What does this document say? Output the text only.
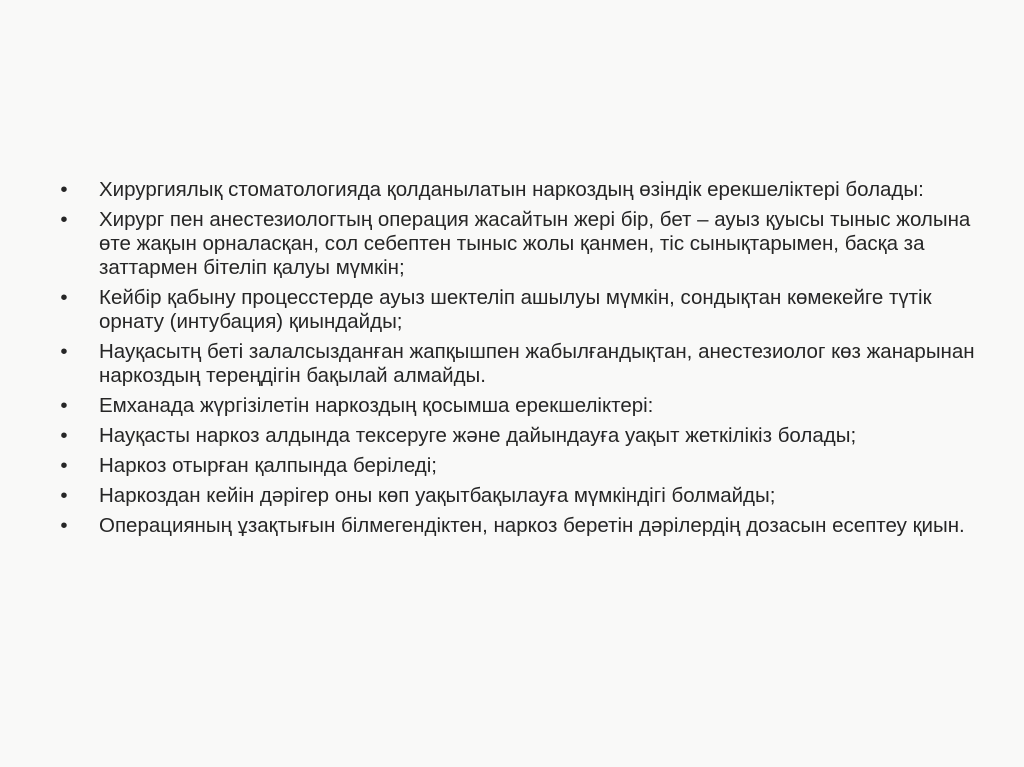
• Хирургиялық стоматологияда қолданылатын наркоздың өзіндік ерекшеліктері болады:
• Хирург пен анестезиологтың операция жасайтын жері бір, бет – ауыз қуысы тыныс жолына өте жақын орналасқан, сол себептен тыныс жолы қанмен, тіс сынықтарымен, басқа за заттармен бітеліп қалуы мүмкін;
• Кейбір қабыну процесстерде ауыз шектеліп ашылуы мүмкін, сондықтан көмекейге түтік орнату (интубация) қиындайды;
• Науқасытң беті залалсызданған жапқышпен жабылғандықтан, анестезиолог көз жанарынан наркоздың тереңдігін бақылай алмайды.
• Емханада жүргізілетін наркоздың қосымша ерекшеліктері:
• Науқасты наркоз алдында тексеруге және дайындауға уақыт жеткілікіз болады;
• Наркоз отырған қалпында беріледі;
• Наркоздан кейін дәрігер оны көп уақытбақылауға мүмкіндігі болмайды;
• Операцияның ұзақтығын білмегендіктен, наркоз беретін дәрілердің дозасын есептеу қиын.
